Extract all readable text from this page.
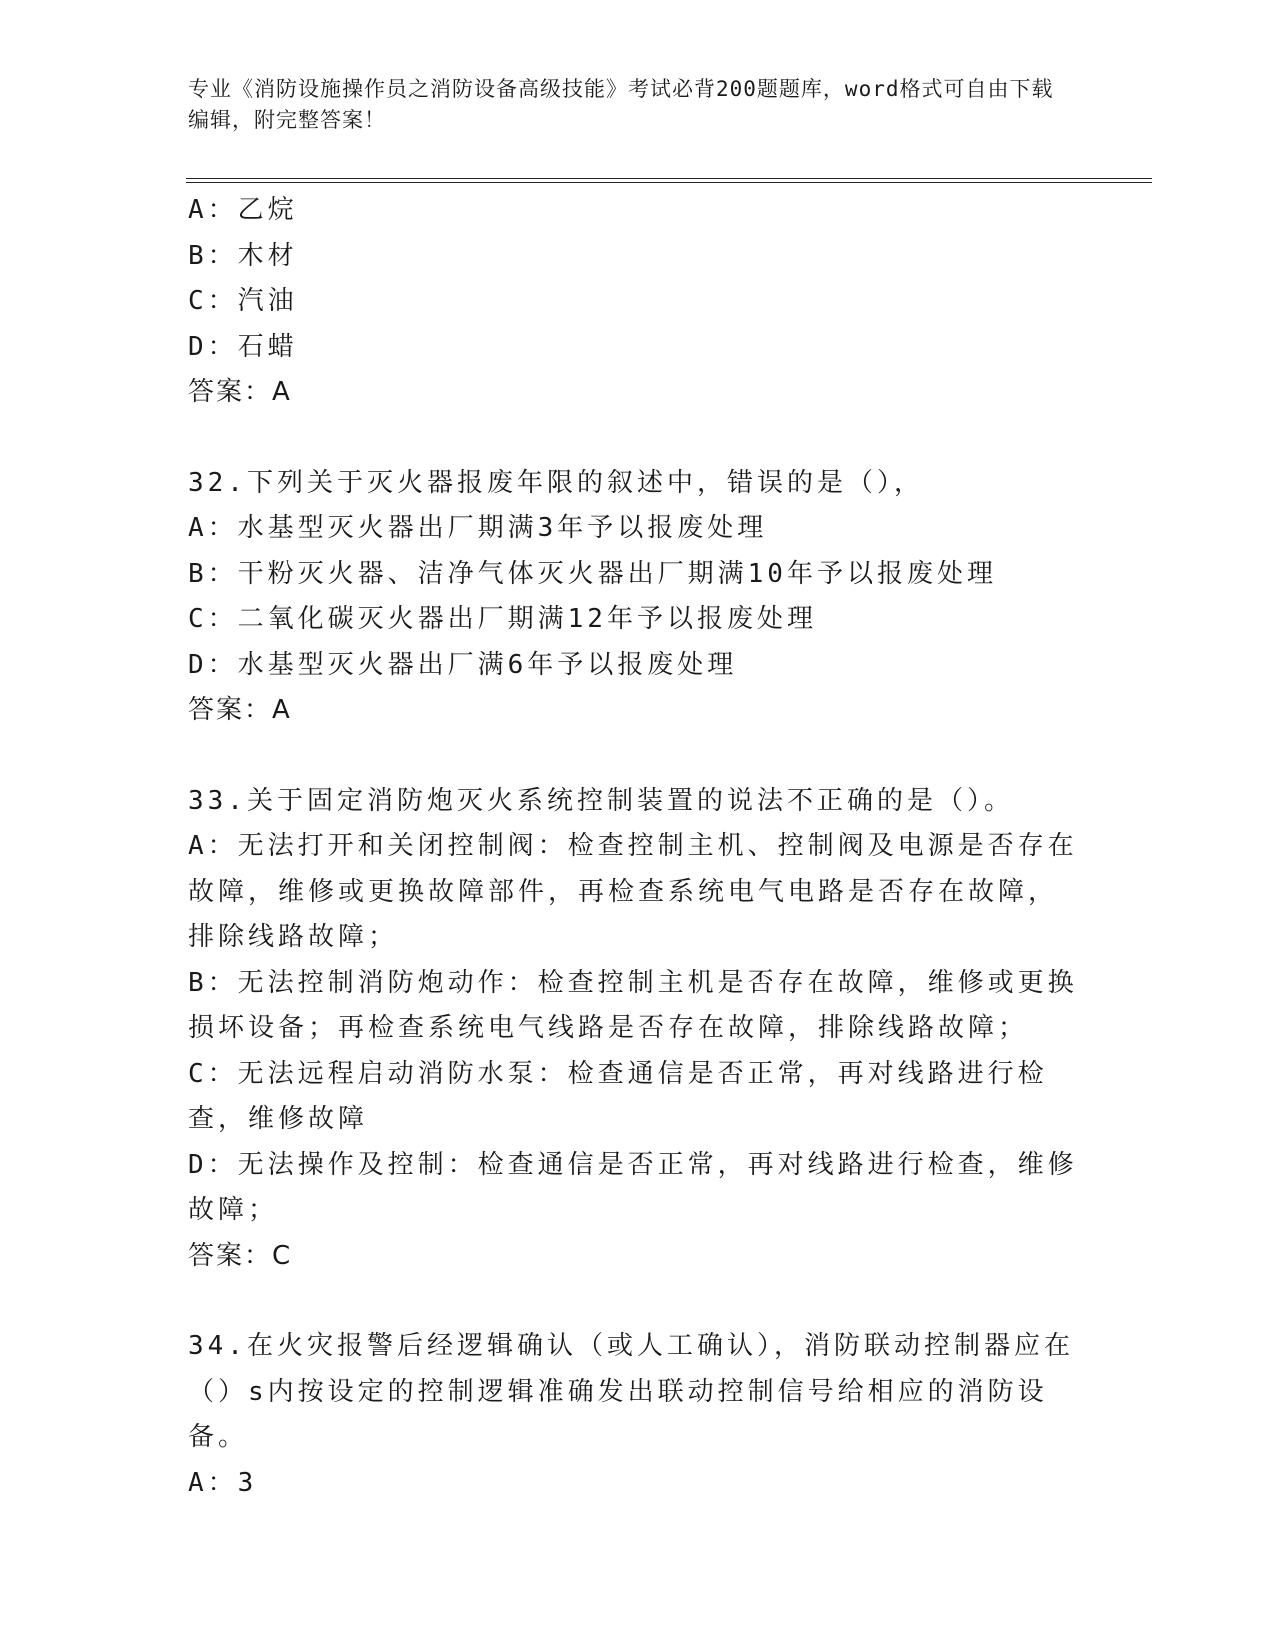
专业《消防设施操作员之消防设备高级技能》考试必背200题题库，word格式可自由下载编辑，附完整答案！
A：乙烷
B：木材
C：汽油
D：石蜡
答案：A
32.下列关于灭火器报废年限的叙述中，错误的是（），
A：水基型灭火器出厂期满3年予以报废处理
B：干粉灭火器、洁净气体灭火器出厂期满10年予以报废处理
C：二氧化碳灭火器出厂期满12年予以报废处理
D：水基型灭火器出厂满6年予以报废处理
答案：A
33.关于固定消防炮灭火系统控制装置的说法不正确的是（）。
A：无法打开和关闭控制阀：检查控制主机、控制阀及电源是否存在故障，维修或更换故障部件，再检查系统电气电路是否存在故障，排除线路故障；
B：无法控制消防炮动作：检查控制主机是否存在故障，维修或更换损坏设备；再检查系统电气线路是否存在故障，排除线路故障；
C：无法远程启动消防水泵：检查通信是否正常，再对线路进行检查，维修故障
D：无法操作及控制：检查通信是否正常，再对线路进行检查，维修故障；
答案：C
34.在火灾报警后经逻辑确认（或人工确认），消防联动控制器应在（）s内按设定的控制逻辑准确发出联动控制信号给相应的消防设备。
A：3
